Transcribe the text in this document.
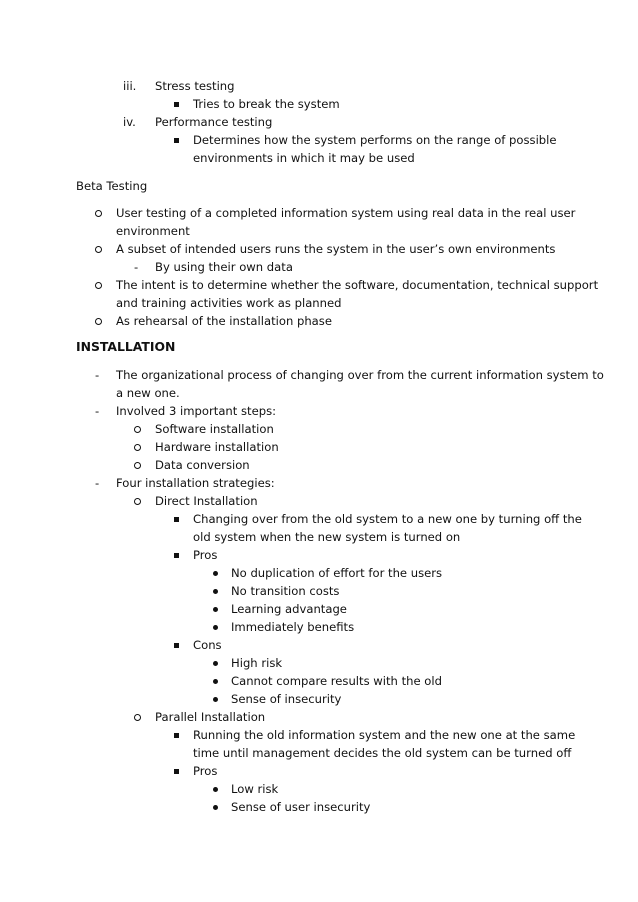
iii. Stress testing
Tries to break the system
iv. Performance testing
Determines how the system performs on the range of possible
environments in which it may be used
Beta Testing
User testing of a completed information system using real data in the real user
environment
A subset of intended users runs the system in the user’s own environments
- By using their own data
The intent is to determine whether the software, documentation, technical support
and training activities work as planned
As rehearsal of the installation phase
INSTALLATION
- The organizational process of changing over from the current information system to
a new one.
- Involved 3 important steps:
Software installation
Hardware installation
Data conversion
- Four installation strategies:
Direct Installation
Changing over from the old system to a new one by turning off the
old system when the new system is turned on
Pros
No duplication of effort for the users
No transition costs
Learning advantage
Immediately benefits
Cons
High risk
Cannot compare results with the old
Sense of insecurity
Parallel Installation
Running the old information system and the new one at the same
time until management decides the old system can be turned off
Pros
Low risk
Sense of user insecurity
